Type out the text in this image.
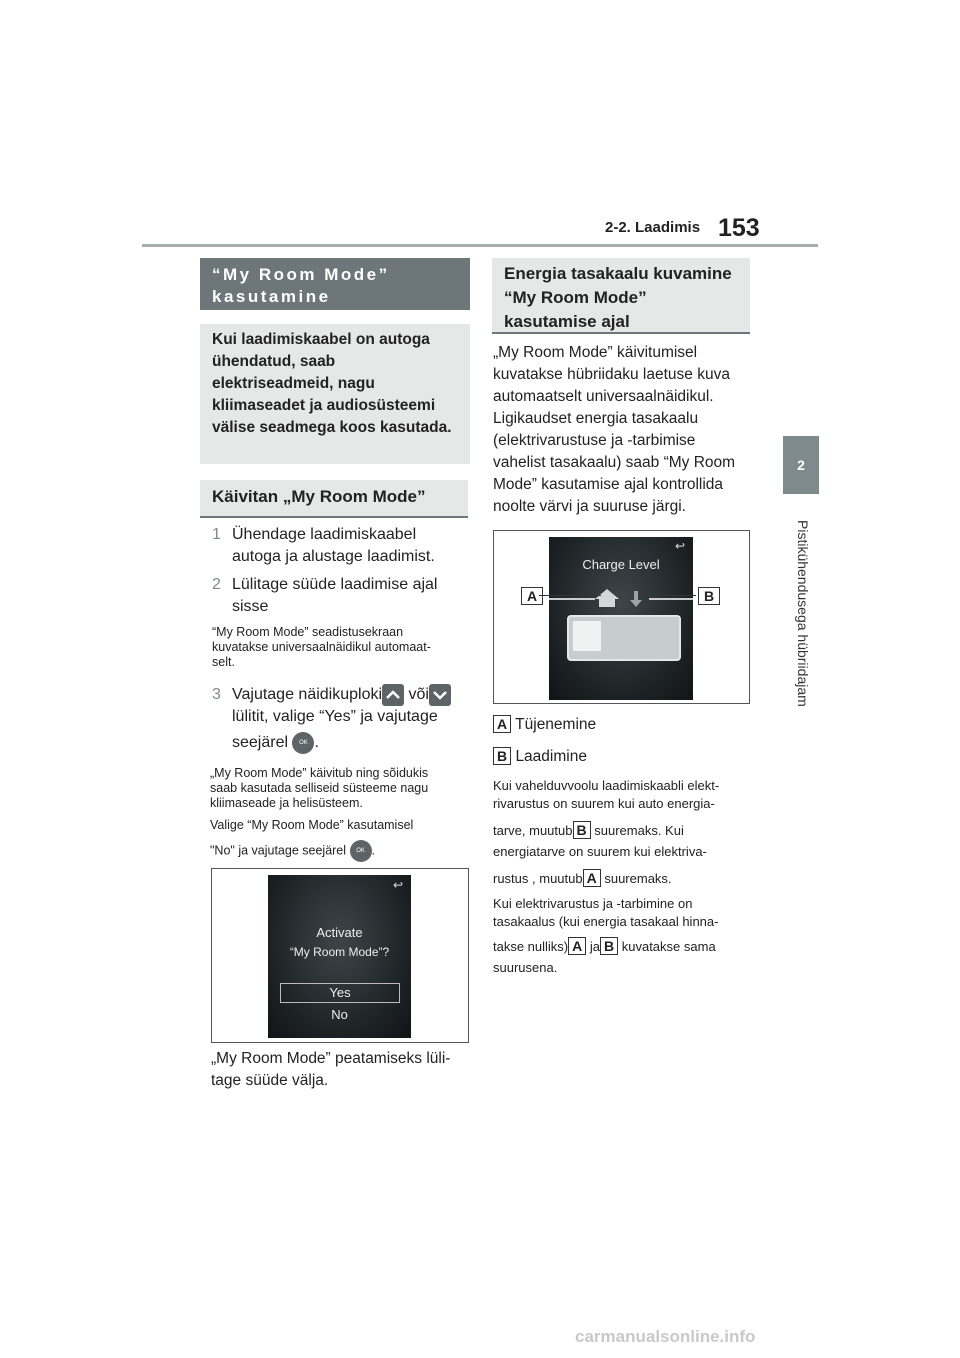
2-2. Laadimis 153
2
Pistikühendusega hübriidajam
“My Room Mode” kasutamine
Kui laadimiskaabel on autoga ühendatud, saab elektriseadmeid, nagu kliimaseadet ja audiosüsteemi välise seadmega koos kasutada.
Käivitan „My Room Mode”
1 Ühendage laadimiskaabel
autoga ja alustage laadimist.
2 Lülitage süüde laadimise ajal
sisse
“My Room Mode” seadistusekraan
kuvatakse universaalnäidikul automaat-
selt.
3 Vajutage näidikuploki või
lülitit, valige “Yes” ja vajutage
seejärel OK .
„My Room Mode” käivitub ning sõidukis
saab kasutada selliseid süsteeme nagu
kliimaseade ja helisüsteem.
Valige “My Room Mode” kasutamisel
"No" ja vajutage seejärel OK .
↩
Activate
“My Room Mode”?
Yes
No
„My Room Mode” peatamiseks lüli-
tage süüde välja.
Energia tasakaalu kuvamine
“My Room Mode”
kasutamise ajal
„My Room Mode” käivitumisel
kuvatakse hübriidaku laetuse kuva
automaatselt universaalnäidikul.
Ligikaudset energia tasakaalu
(elektrivarustuse ja -tarbimise
vahelist tasakaalu) saab “My Room
Mode” kasutamise ajal kontrollida
noolte värvi ja suuruse järgi.
↩
Charge Level
A	B
A Tüjenemine
B Laadimine
Kui vahelduvvoolu laadimiskaabli elekt-
rivarustus on suurem kui auto energia-
tarve, muutub B suuremaks. Kui
energiatarve on suurem kui elektriva-
rustus , muutub A suuremaks.
Kui elektrivarustus ja -tarbimine on
tasakaalus (kui energia tasakaal hinna-
takse nulliks) A ja B kuvatakse sama
suurusena.
carmanualsonline.info
